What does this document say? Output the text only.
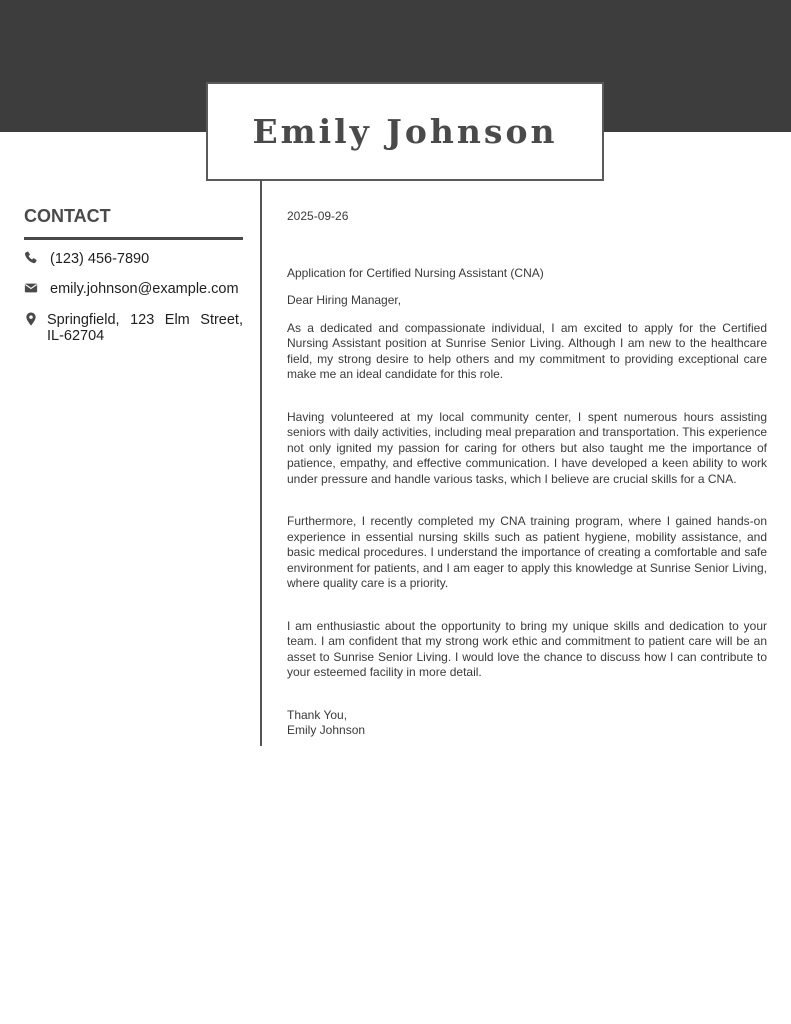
Emily Johnson
CONTACT
(123) 456-7890
emily.johnson@example.com
Springfield, 123 Elm Street, IL-62704

2025-09-26

Application for Certified Nursing Assistant (CNA)

Dear Hiring Manager,

As a dedicated and compassionate individual, I am excited to apply for the Certified Nursing Assistant position at Sunrise Senior Living. Although I am new to the healthcare field, my strong desire to help others and my commitment to providing exceptional care make me an ideal candidate for this role.

Having volunteered at my local community center, I spent numerous hours assisting seniors with daily activities, including meal preparation and transportation. This experience not only ignited my passion for caring for others but also taught me the importance of patience, empathy, and effective communication. I have developed a keen ability to work under pressure and handle various tasks, which I believe are crucial skills for a CNA.

Furthermore, I recently completed my CNA training program, where I gained hands-on experience in essential nursing skills such as patient hygiene, mobility assistance, and basic medical procedures. I understand the importance of creating a comfortable and safe environment for patients, and I am eager to apply this knowledge at Sunrise Senior Living, where quality care is a priority.

I am enthusiastic about the opportunity to bring my unique skills and dedication to your team. I am confident that my strong work ethic and commitment to patient care will be an asset to Sunrise Senior Living. I would love the chance to discuss how I can contribute to your esteemed facility in more detail.

Thank You,

Emily Johnson
